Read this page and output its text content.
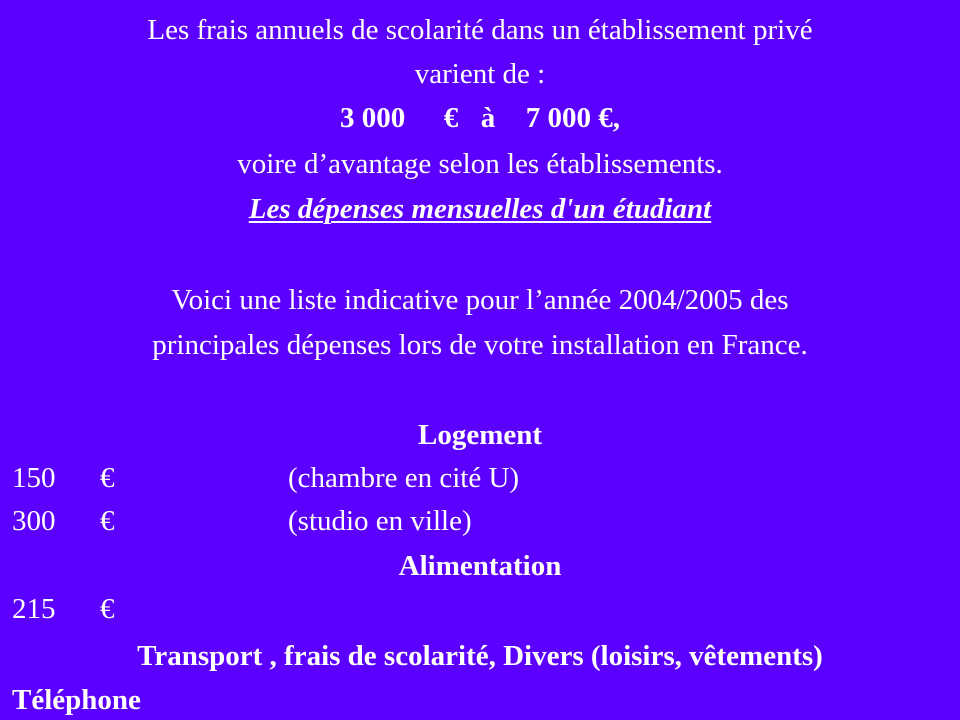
Les frais annuels de scolarité dans un établissement privé
varient de :
3 000 € à 7 000 €,
voire d’avantage selon les établissements.
Les dépenses mensuelles d'un étudiant
Voici une liste indicative pour l’année 2004/2005 des
principales dépenses lors de votre installation en France.
Logement
150 €	(chambre en cité U)
300 €	(studio en ville)
Alimentation
215 €
Transport , frais de scolarité, Divers (loisirs, vêtements)
Téléphone
